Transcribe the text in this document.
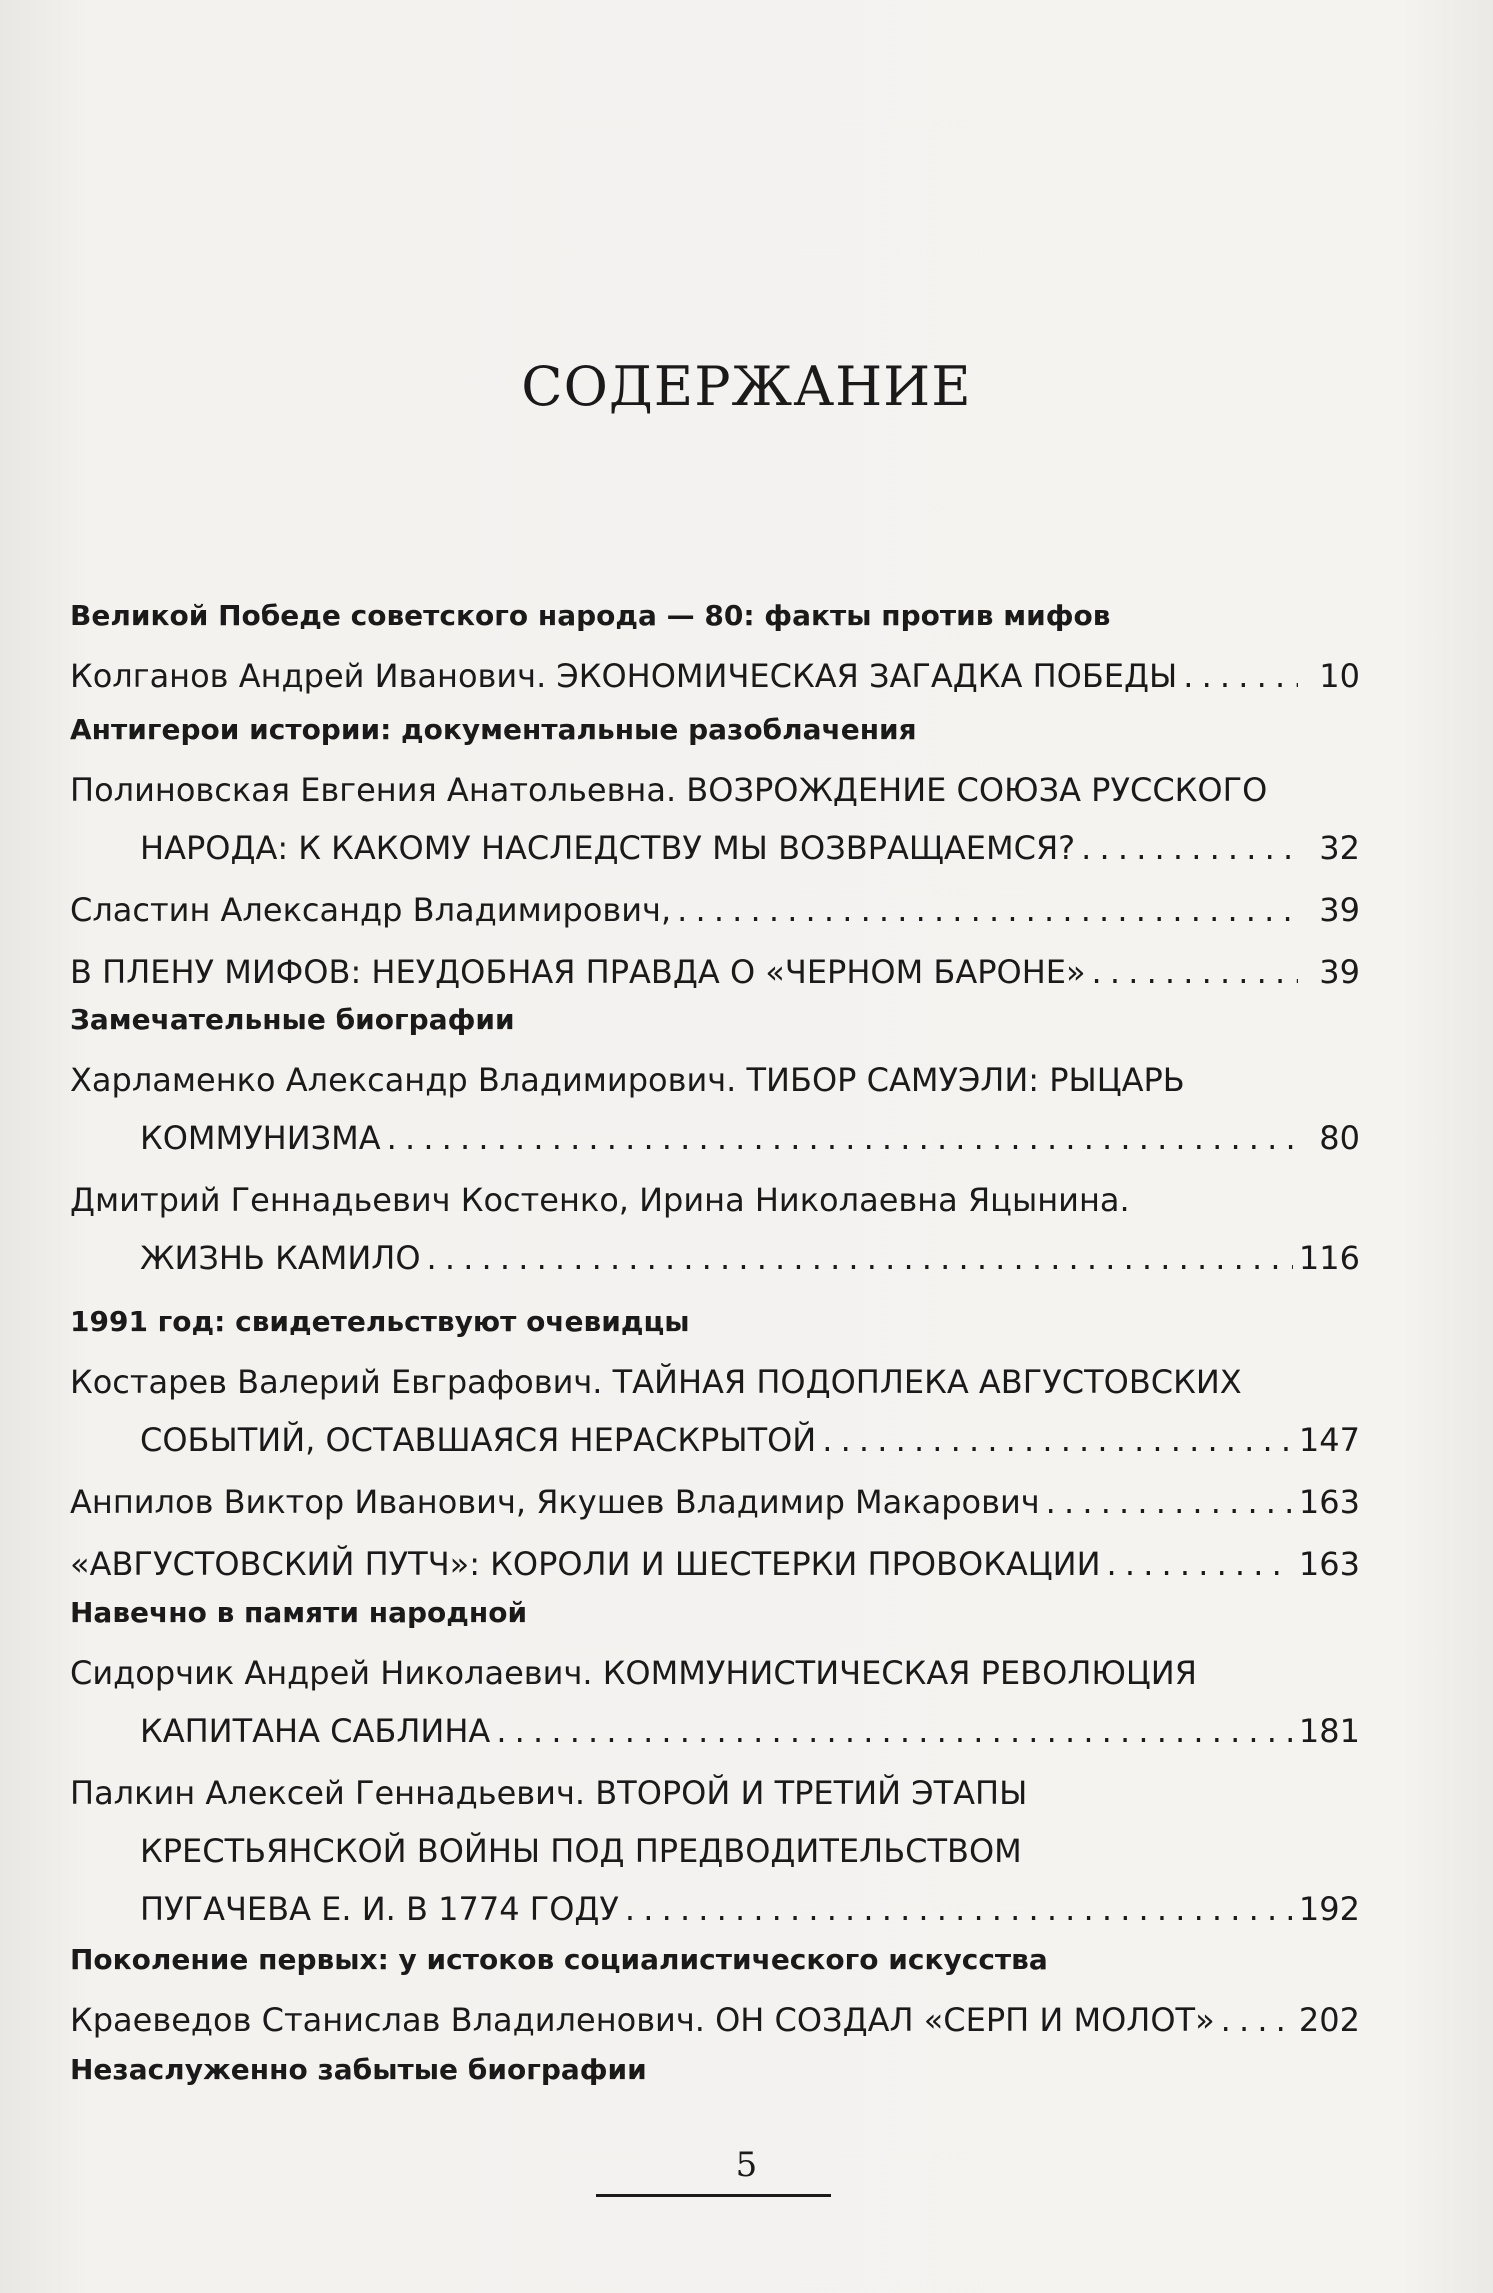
СОДЕРЖАНИЕ
Великой Победе советского народа — 80: факты против мифов
Колганов Андрей Иванович. ЭКОНОМИЧЕСКАЯ ЗАГАДКА ПОБЕДЫ . . .	10
Антигерои истории: документальные разоблачения
Полиновская Евгения Анатольевна. ВОЗРОЖДЕНИЕ СОЮЗА РУССКОГО
НАРОДА: К КАКОМУ НАСЛЕДСТВУ МЫ ВОЗВРАЩАЕМСЯ? . . .	32
Сластин Александр Владимирович, . . .	39
В ПЛЕНУ МИФОВ: НЕУДОБНАЯ ПРАВДА О «ЧЕРНОМ БАРОНЕ» . . .	39
Замечательные биографии
Харламенко Александр Владимирович. ТИБОР САМУЭЛИ: РЫЦАРЬ
КОММУНИЗМА . . .	80
Дмитрий Геннадьевич Костенко, Ирина Николаевна Яцынина.
ЖИЗНЬ КАМИЛО . . .	116
1991 год: свидетельствуют очевидцы
Костарев Валерий Евграфович. ТАЙНАЯ ПОДОПЛЕКА АВГУСТОВСКИХ
СОБЫТИЙ, ОСТАВШАЯСЯ НЕРАСКРЫТОЙ . . .	147
Анпилов Виктор Иванович, Якушев Владимир Макарович . . .	163
«АВГУСТОВСКИЙ ПУТЧ»: КОРОЛИ И ШЕСТЕРКИ ПРОВОКАЦИИ . . .	163
Навечно в памяти народной
Сидорчик Андрей Николаевич. КОММУНИСТИЧЕСКАЯ РЕВОЛЮЦИЯ
КАПИТАНА САБЛИНА . . .	181
Палкин Алексей Геннадьевич. ВТОРОЙ И ТРЕТИЙ ЭТАПЫ
КРЕСТЬЯНСКОЙ ВОЙНЫ ПОД ПРЕДВОДИТЕЛЬСТВОМ
ПУГАЧЕВА Е. И. В 1774 ГОДУ . . .	192
Поколение первых: у истоков социалистического искусства
Краеведов Станислав Владиленович. ОН СОЗДАЛ «СЕРП И МОЛОТ» . . .	202
Незаслуженно забытые биографии
5
